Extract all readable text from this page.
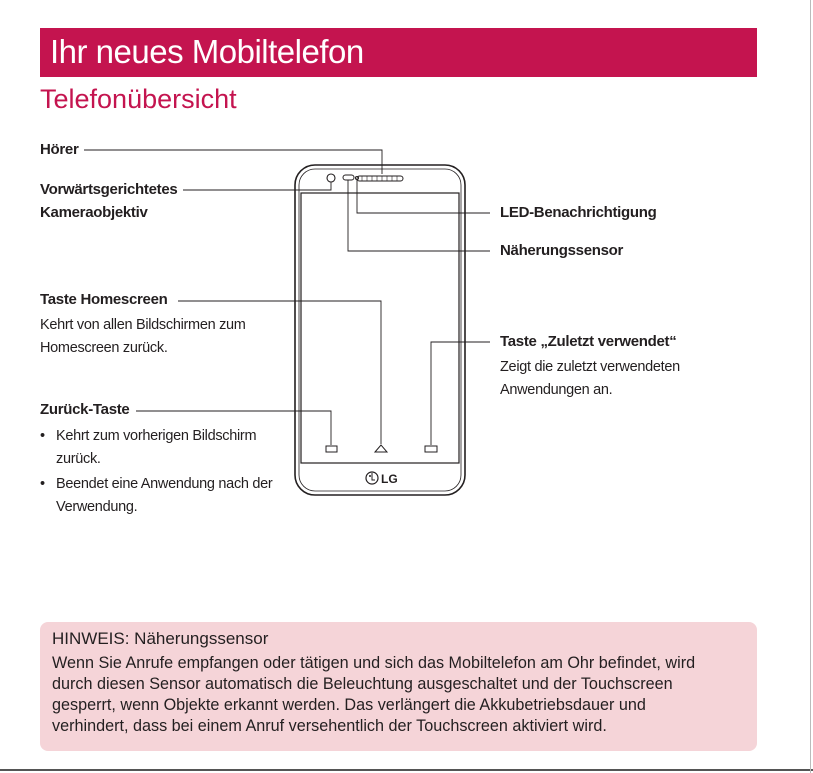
Ihr neues Mobiltelefon
Telefonübersicht
LG
Hörer
Vorwärtsgerichtetes
Kameraobjektiv
Taste Homescreen
Kehrt von allen Bildschirmen zum
Homescreen zurück.
Zurück-Taste
• Kehrt zum vorherigen Bildschirm
zurück.
• Beendet eine Anwendung nach der
Verwendung.
LED-Benachrichtigung
Näherungssensor
Taste „Zuletzt verwendet“
Zeigt die zuletzt verwendeten
Anwendungen an.
HINWEIS: Näherungssensor
Wenn Sie Anrufe empfangen oder tätigen und sich das Mobiltelefon am Ohr befindet, wird
durch diesen Sensor automatisch die Beleuchtung ausgeschaltet und der Touchscreen
gesperrt, wenn Objekte erkannt werden. Das verlängert die Akkubetriebsdauer und
verhindert, dass bei einem Anruf versehentlich der Touchscreen aktiviert wird.
